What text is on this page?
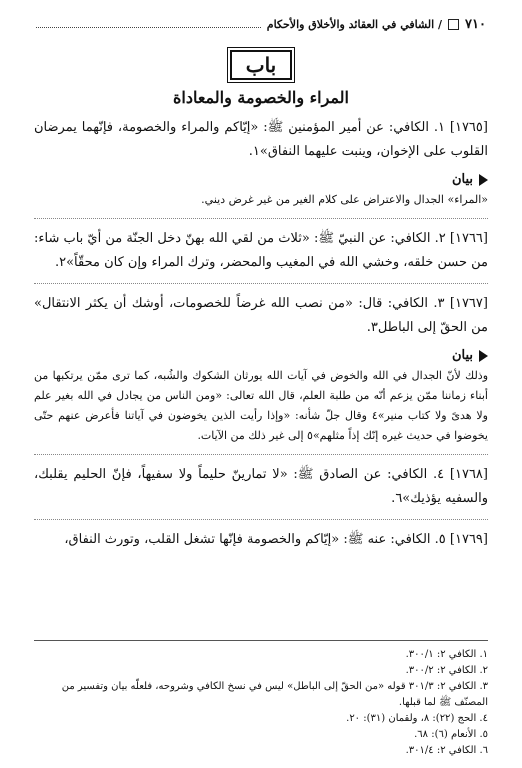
٧١٠
/ الشافي في العقائد والأخلاق والأحكام
باب
المراء والخصومة والمعاداة

[١٧٦٥] ١. الكافي: عن أمير المؤمنين ﷺ: «إيّاكم والمراء والخصومة، فإنّهما يمرضان القلوب على الإخوان، وينبت عليهما النفاق»١.

بيان

«المراء» الجدال والاعتراض على كلام الغير من غير غرض ديني.

[١٧٦٦] ٢. الكافي: عن النبيّ ﷺ: «ثلاث من لقي الله بهنّ دخل الجنّة من أيّ باب شاء: من حسن خلقه، وخشي الله في المغيب والمحضر، وترك المراء وإن كان محقّاً»٢.

[١٧٦٧] ٣. الكافي: قال: «من نصب الله غرضاً للخصومات، أوشك أن يكثر الانتقال» من الحقّ إلى الباطل٣.

بيان

وذلك لأنّ الجدال في الله والخوض في آيات الله يورثان الشكوك والشُبه، كما ترى ممّن يرتكبها من أبناء زماننا ممّن يزعم أنّه من طلبة العلم، قال الله تعالى: «ومن الناس من يجادل في الله بغير علم ولا هدىً ولا كتاب منير»٤ وقال جلّ شأنه: «وإذا رأيت الذين يخوضون في آياتنا فأعرض عنهم حتّى يخوضوا في حديث غيره إنّك إذاً مثلهم»٥ إلى غير ذلك من الآيات.

[١٧٦٨] ٤. الكافي: عن الصادق ﷺ: «لا تمارينّ حليماً ولا سفيهاً، فإنّ الحليم يقلبك، والسفيه يؤذيك»٦.

[١٧٦٩] ٥. الكافي: عنه ﷺ: «إيّاكم والخصومة فإنّها تشغل القلب، وتورث النفاق،

١. الكافي ٢: ٣٠٠/١.

٢. الكافي ٢: ٣٠٠/٢.

٣. الكافي ٢: ٣٠١/٣ قوله «من الحقّ إلى الباطل» ليس في نسخ الكافي وشروحه، فلعلّه بيان وتفسير من المصنّف ﷺ لما قبلها.

٤. الحج (٢٢): ٨، ولقمان (٣١): ٢٠.

٥. الأنعام (٦): ٦٨.

٦. الكافي ٢: ٣٠١/٤.
